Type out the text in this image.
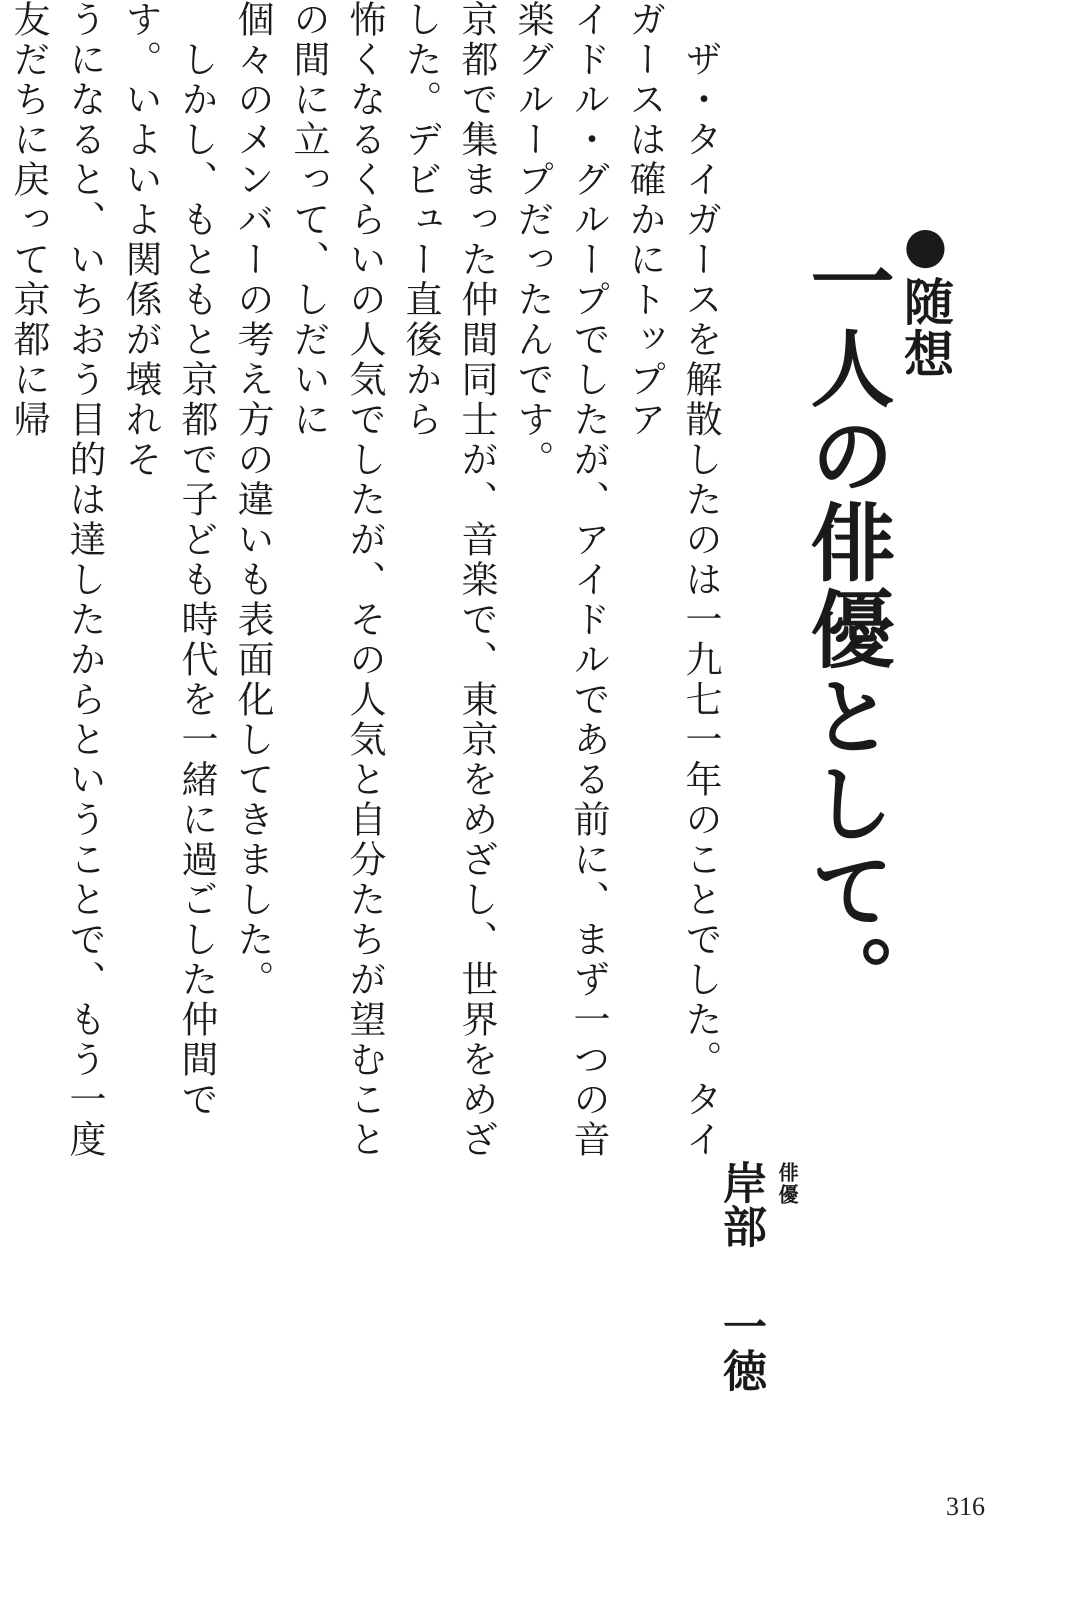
●随想
一人の俳優として。
俳優
岸部一徳

　ザ・タイガースを解散したのは一九七一年のことでした。タイガースは確かにトップア

イドル・グループでしたが、アイドルである前に、まず一つの音楽グループだったんです。

京都で集まった仲間同士が、音楽で、東京をめざし、世界をめざした。デビュー直後から

怖くなるくらいの人気でしたが、その人気と自分たちが望むことの間に立って、しだいに

個々のメンバーの考え方の違いも表面化してきました。

　しかし、もともと京都で子ども時代を一緒に過ごした仲間です。いよいよ関係が壊れそ

うになると、いちおう目的は達したからということで、もう一度友だちに戻って京都に帰

316
